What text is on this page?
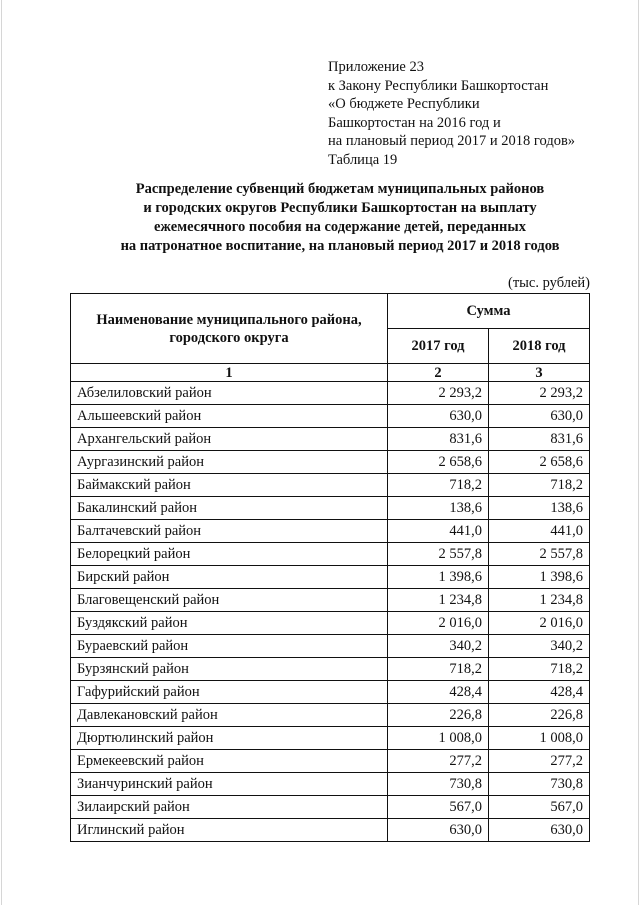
Приложение 23
к Закону Республики Башкортостан
«О бюджете Республики
Башкортостан на 2016 год и
на плановый период 2017 и 2018 годов»
Таблица 19
Распределение субвенций бюджетам муниципальных районов
и городских округов Республики Башкортостан на выплату
ежемесячного пособия на содержание детей, переданных
на патронатное воспитание, на плановый период 2017 и 2018 годов
(тыс. рублей)
Наименование муниципального района, городского округа	Сумма	
	2017 год	2018 год
1	2	3
Абзелиловский район	2 293,2	2 293,2
Альшеевский район	630,0	630,0
Архангельский район	831,6	831,6
Аургазинский район	2 658,6	2 658,6
Баймакский район	718,2	718,2
Бакалинский район	138,6	138,6
Балтачевский район	441,0	441,0
Белорецкий район	2 557,8	2 557,8
Бирский район	1 398,6	1 398,6
Благовещенский район	1 234,8	1 234,8
Буздякский район	2 016,0	2 016,0
Бураевский район	340,2	340,2
Бурзянский район	718,2	718,2
Гафурийский район	428,4	428,4
Давлекановский район	226,8	226,8
Дюртюлинский район	1 008,0	1 008,0
Ермекеевский район	277,2	277,2
Зианчуринский район	730,8	730,8
Зилаирский район	567,0	567,0
Иглинский район	630,0	630,0
